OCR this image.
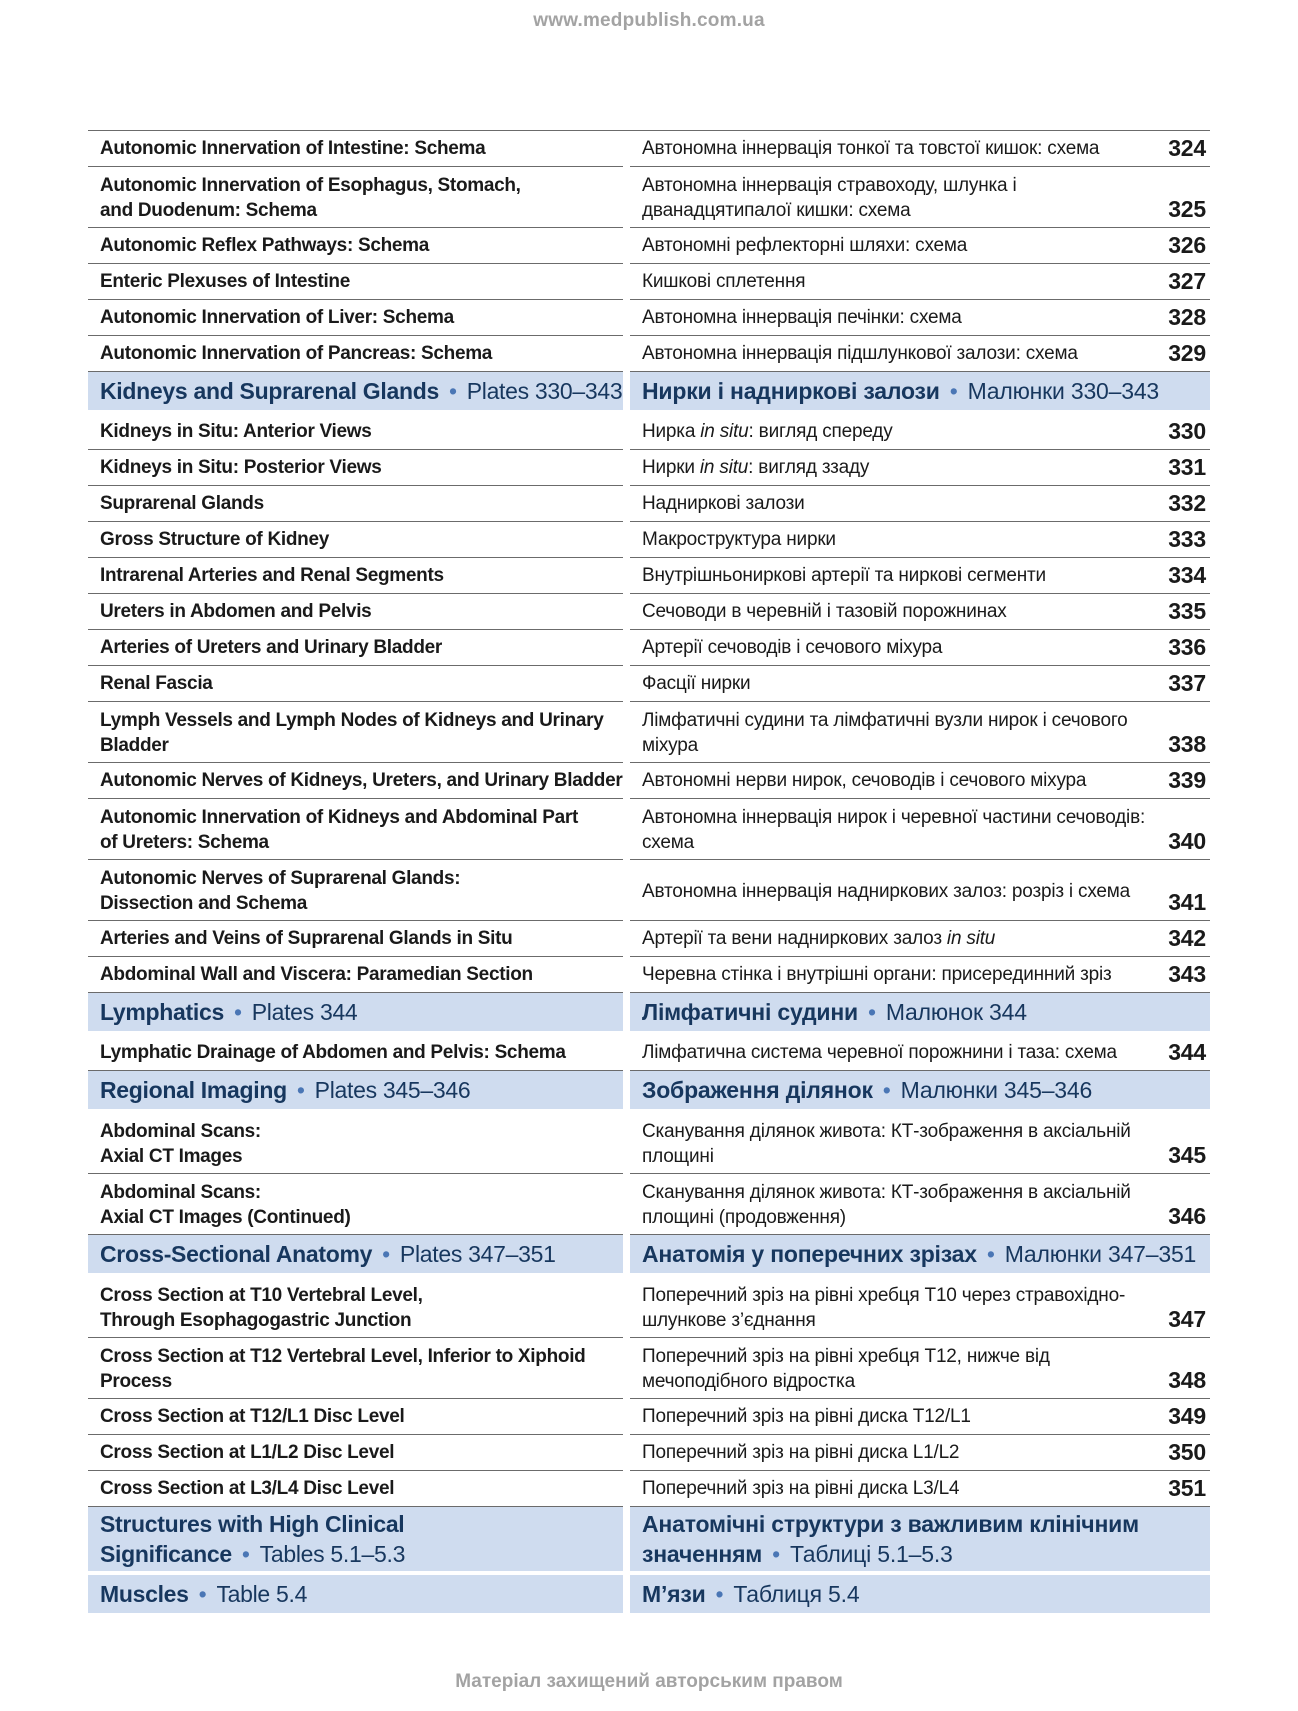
www.medpublish.com.ua
Autonomic Innervation of Intestine: Schema	Автономна іннервація тонкої та товстої кишок: схема	324
Autonomic Innervation of Esophagus, Stomach,
and Duodenum: Schema
Автономна іннервація стравоходу, шлунка і дванадцятипалої кишки: схема	325
Autonomic Reflex Pathways: Schema	Автономні рефлекторні шляхи: схема	326
Enteric Plexuses of Intestine	Кишкові сплетення	327
Autonomic Innervation of Liver: Schema	Автономна іннервація печінки: схема	328
Autonomic Innervation of Pancreas: Schema	Автономна іннервація підшлункової залози: схема	329
Kidneys and Suprarenal Glands • Plates 330–343 Нирки і надниркові залози • Малюнки 330–343
Kidneys in Situ: Anterior Views	Нирка in situ: вигляд спереду	330
Kidneys in Situ: Posterior Views	Нирки in situ: вигляд ззаду	331
Suprarenal Glands	Надниркові залози	332
Gross Structure of Kidney	Макроструктура нирки	333
Intrarenal Arteries and Renal Segments	Внутрішньониркові артерії та ниркові сегменти	334
Ureters in Abdomen and Pelvis	Сечоводи в черевній і тазовій порожнинах	335
Arteries of Ureters and Urinary Bladder	Артерії сечоводів і сечового міхура	336
Renal Fascia	Фасції нирки	337
Lymph Vessels and Lymph Nodes of Kidneys and Urinary Bladder
Лімфатичні судини та лімфатичні вузли нирок і сечового міхура	338
Autonomic Nerves of Kidneys, Ureters, and Urinary Bladder Автономні нерви нирок, сечоводів і сечового міхура	339
Autonomic Innervation of Kidneys and Abdominal Part
of Ureters: Schema
Автономна іннервація нирок і черевної частини сечоводів: схема	340
Autonomic Nerves of Suprarenal Glands:
Dissection and Schema
Автономна іннервація надниркових залоз: розріз і схема	341
Arteries and Veins of Suprarenal Glands in Situ	Артерії та вени надниркових залоз in situ	342
Abdominal Wall and Viscera: Paramedian Section	Черевна стінка і внутрішні органи: присерединний зріз	343
Lymphatics • Plates 344	Лімфатичні судини • Малюнок 344
Lymphatic Drainage of Abdomen and Pelvis: Schema	Лімфатична система черевної порожнини і таза: схема	344
Regional Imaging • Plates 345–346	Зображення ділянок • Малюнки 345–346
Abdominal Scans:
Axial CT Images
Сканування ділянок живота: КТ-зображення в аксіальній площині	345
Abdominal Scans:
Axial CT Images (Continued)
Сканування ділянок живота: КТ-зображення в аксіальній площині (продовження)	346
Cross-Sectional Anatomy • Plates 347–351	Анатомія у поперечних зрізах • Малюнки 347–351
Cross Section at T10 Vertebral Level,
Through Esophagogastric Junction
Поперечний зріз на рівні хребця Т10 через стравохідно-шлункове з’єднання	347
Cross Section at T12 Vertebral Level, Inferior to Xiphoid
Process
Поперечний зріз на рівні хребця Т12, нижче від мечоподібного відростка	348
Cross Section at T12/L1 Disc Level	Поперечний зріз на рівні диска T12/L1	349
Cross Section at L1/L2 Disc Level	Поперечний зріз на рівні диска L1/L2	350
Cross Section at L3/L4 Disc Level	Поперечний зріз на рівні диска L3/L4	351
Structures with High Clinical Significance • Tables 5.1–5.3
Анатомічні структури з важливим клінічним значенням • Таблиці 5.1–5.3
Muscles • Table 5.4	М’язи • Таблиця 5.4
Матеріал захищений авторським правом
